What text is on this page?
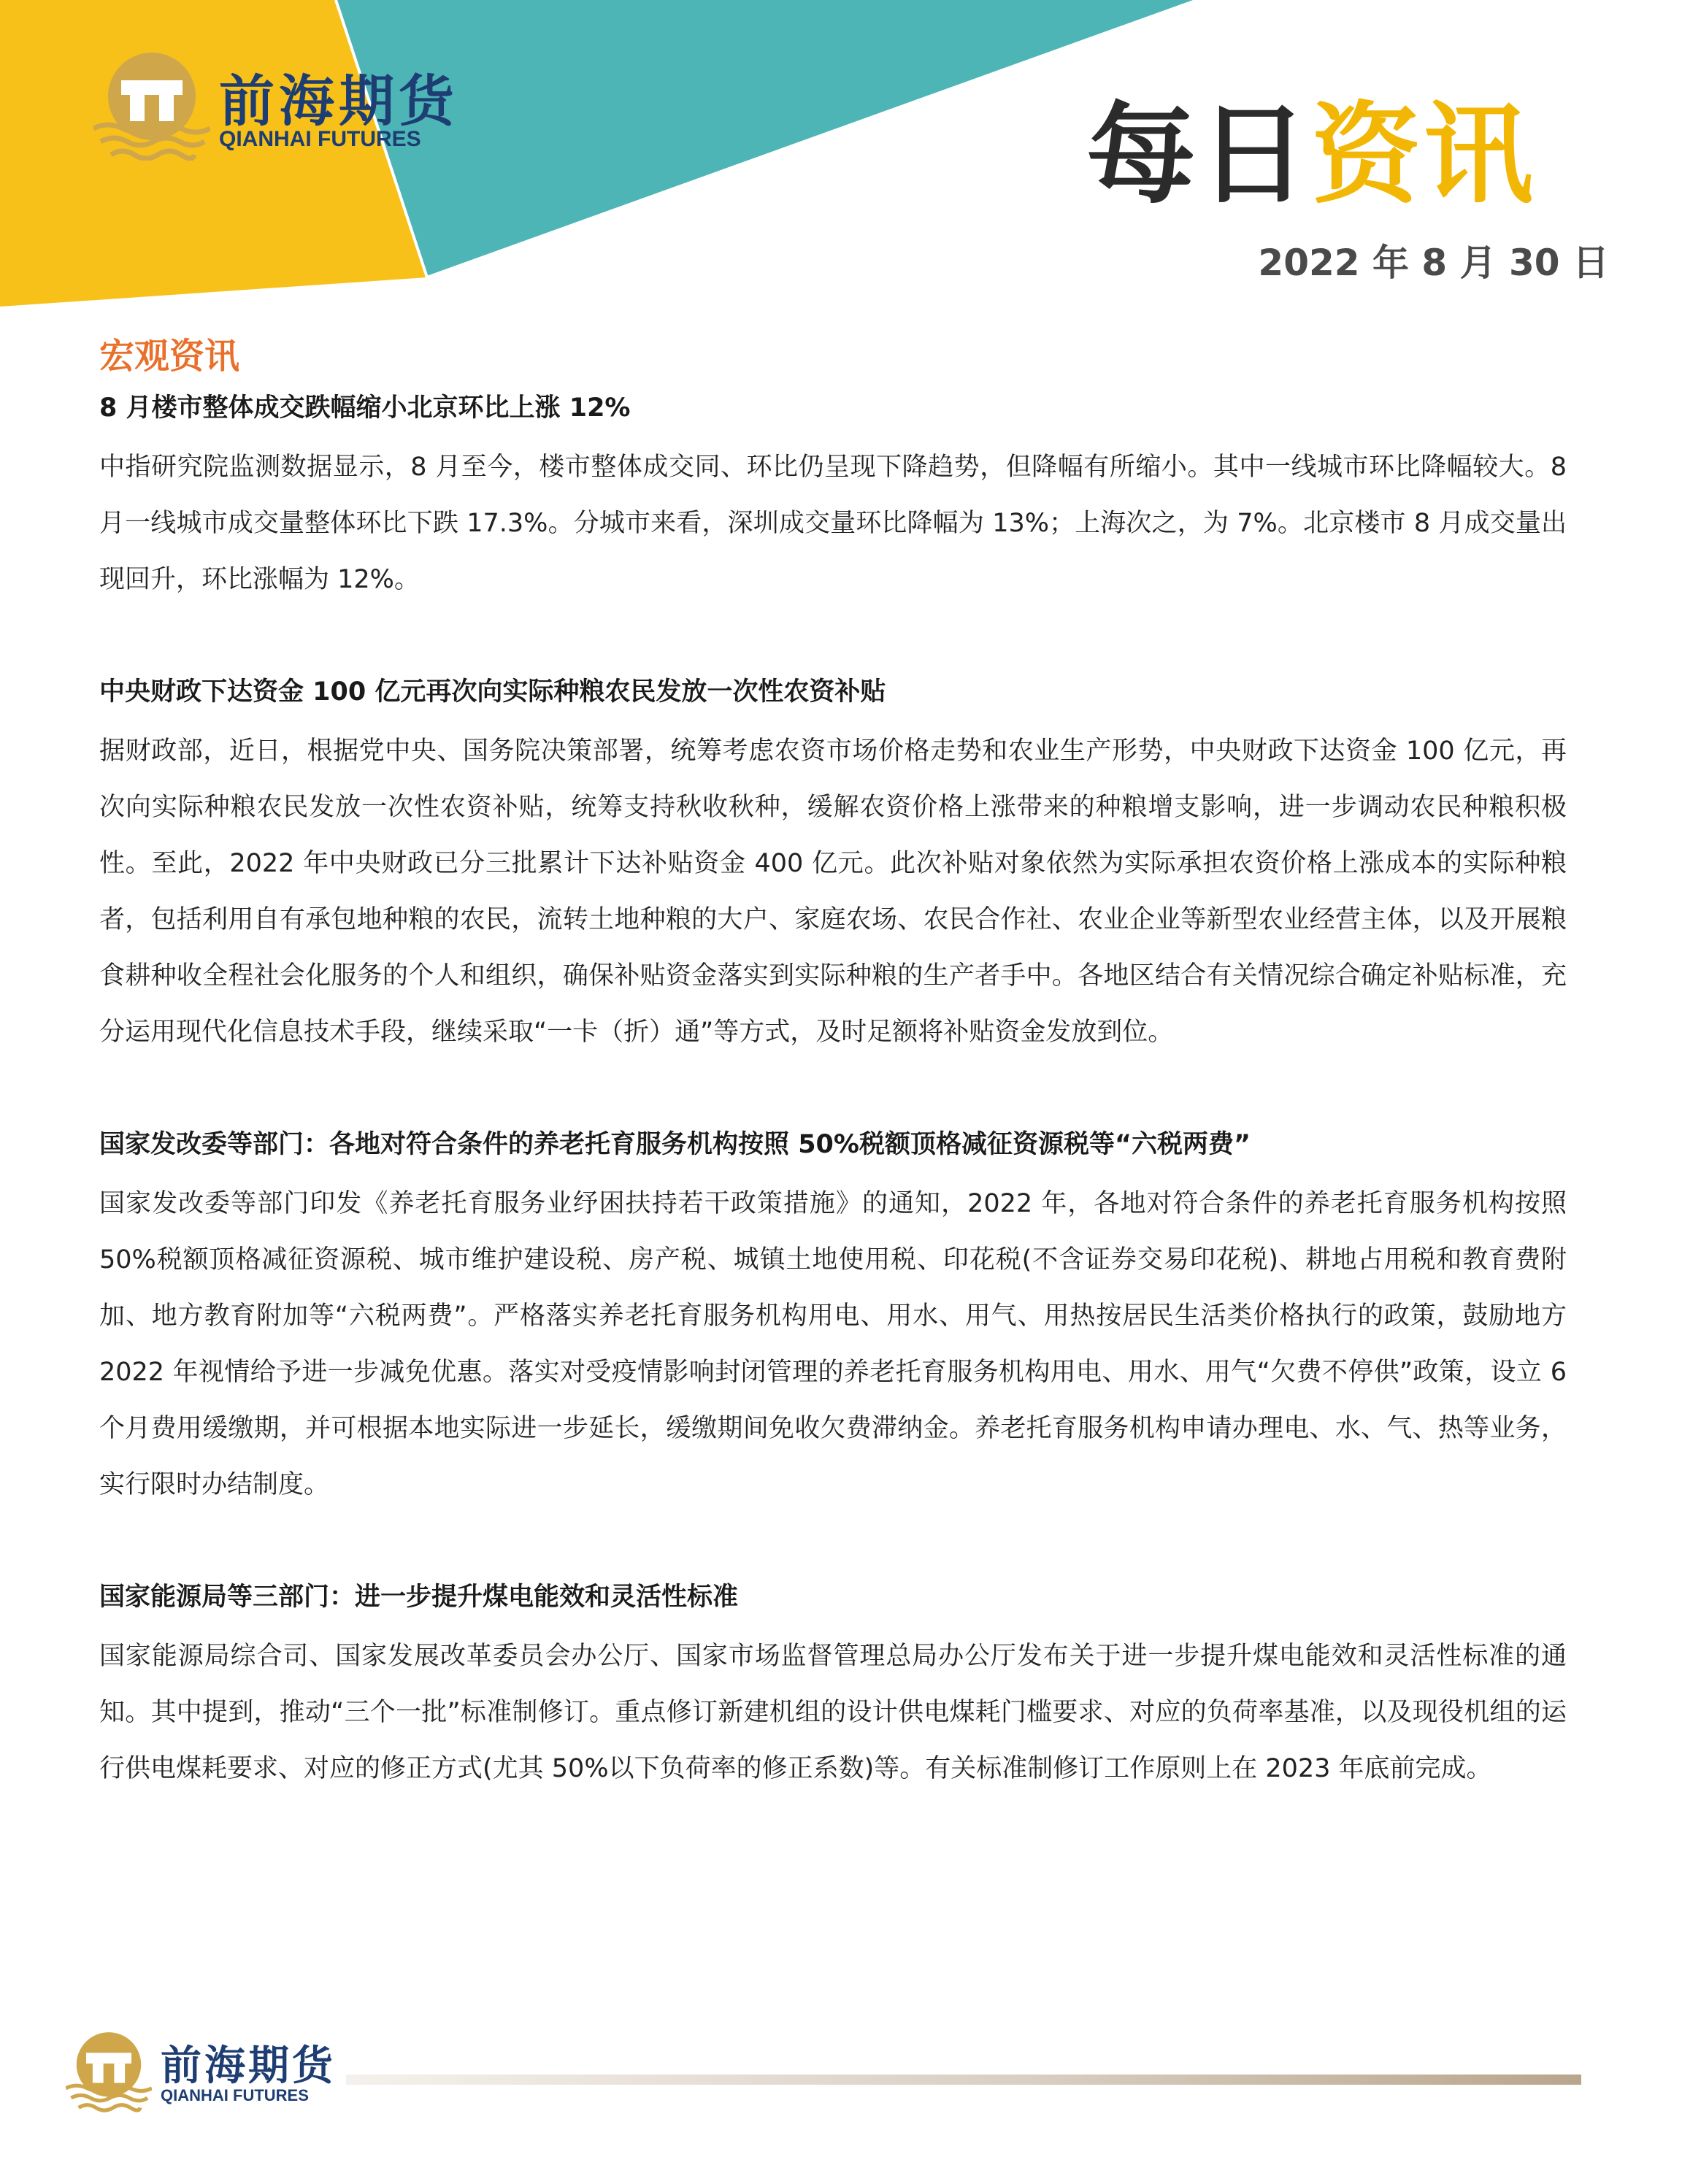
前海期货
QIANHAI FUTURES	每日资讯
2022 年 8 月 30 日
宏观资讯
8 月楼市整体成交跌幅缩小北京环比上涨 12%
中指研究院监测数据显示，8 月至今，楼市整体成交同、环比仍呈现下降趋势，但降幅有所缩小。其中一线城市环比降幅较大。8 月一线城市成交量整体环比下跌 17.3%。分城市来看，深圳成交量环比降幅为 13%；上海次之，为 7%。北京楼市 8 月成交量出现回升，环比涨幅为 12%。
中央财政下达资金 100 亿元再次向实际种粮农民发放一次性农资补贴
据财政部，近日，根据党中央、国务院决策部署，统筹考虑农资市场价格走势和农业生产形势，中央财政下达资金 100 亿元，再次向实际种粮农民发放一次性农资补贴，统筹支持秋收秋种，缓解农资价格上涨带来的种粮增支影响，进一步调动农民种粮积极性。至此，2022 年中央财政已分三批累计下达补贴资金 400 亿元。此次补贴对象依然为实际承担农资价格上涨成本的实际种粮者，包括利用自有承包地种粮的农民，流转土地种粮的大户、家庭农场、农民合作社、农业企业等新型农业经营主体，以及开展粮食耕种收全程社会化服务的个人和组织，确保补贴资金落实到实际种粮的生产者手中。各地区结合有关情况综合确定补贴标准，充分运用现代化信息技术手段，继续采取“一卡（折）通”等方式，及时足额将补贴资金发放到位。
国家发改委等部门：各地对符合条件的养老托育服务机构按照 50%税额顶格减征资源税等“六税两费”
国家发改委等部门印发《养老托育服务业纾困扶持若干政策措施》的通知，2022 年，各地对符合条件的养老托育服务机构按照 50%税额顶格减征资源税、城市维护建设税、房产税、城镇土地使用税、印花税(不含证券交易印花税)、耕地占用税和教育费附加、地方教育附加等“六税两费”。严格落实养老托育服务机构用电、用水、用气、用热按居民生活类价格执行的政策，鼓励地方 2022 年视情给予进一步减免优惠。落实对受疫情影响封闭管理的养老托育服务机构用电、用水、用气“欠费不停供”政策，设立 6 个月费用缓缴期，并可根据本地实际进一步延长，缓缴期间免收欠费滞纳金。养老托育服务机构申请办理电、水、气、热等业务，实行限时办结制度。
国家能源局等三部门：进一步提升煤电能效和灵活性标准
国家能源局综合司、国家发展改革委员会办公厅、国家市场监督管理总局办公厅发布关于进一步提升煤电能效和灵活性标准的通知。其中提到，推动“三个一批”标准制修订。重点修订新建机组的设计供电煤耗门槛要求、对应的负荷率基准，以及现役机组的运行供电煤耗要求、对应的修正方式(尤其 50%以下负荷率的修正系数)等。有关标准制修订工作原则上在 2023 年底前完成。
前海期货
QIANHAI FUTURES
